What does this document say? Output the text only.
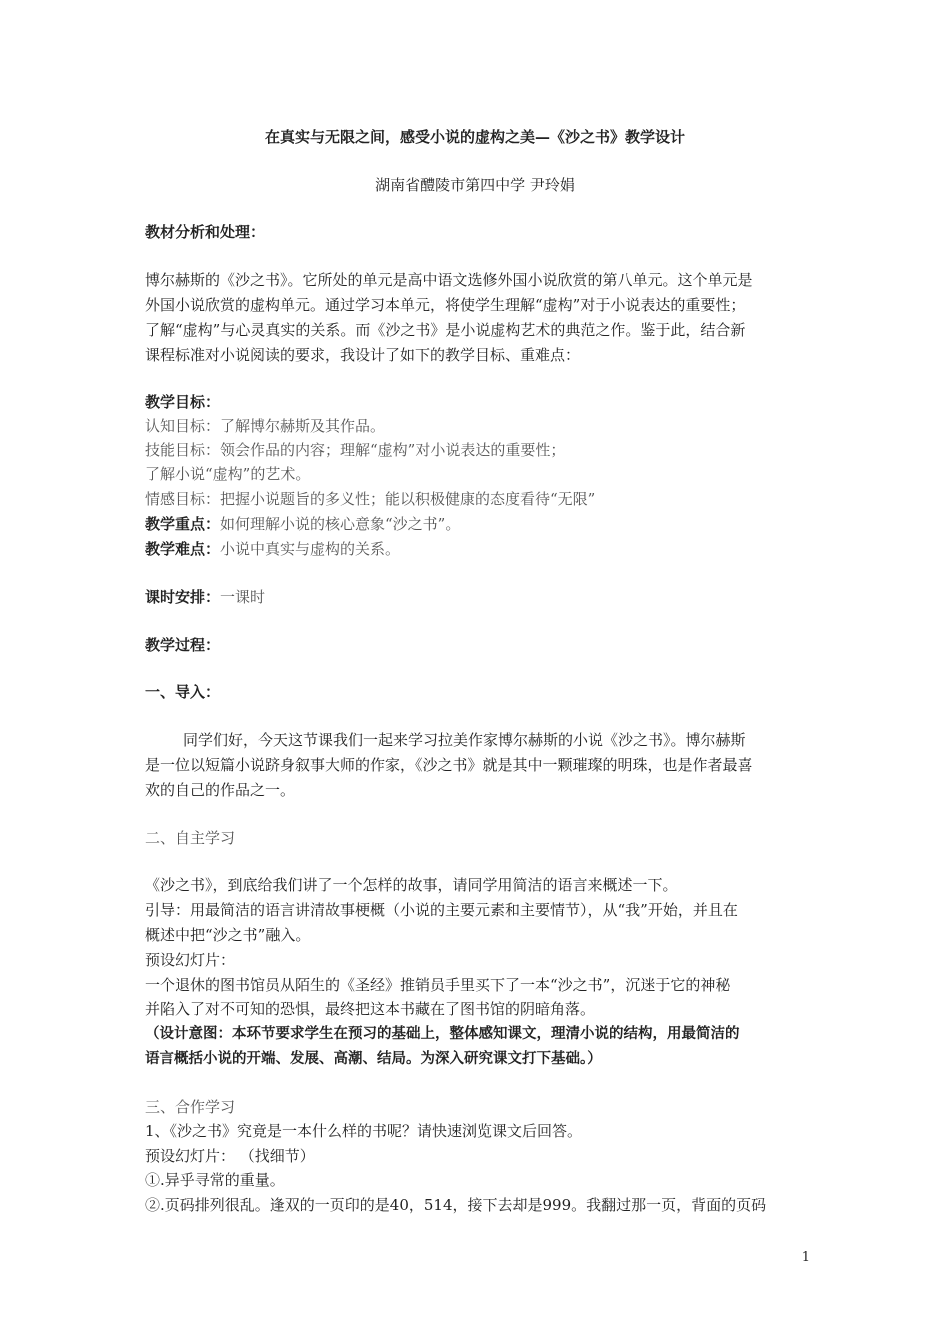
在真实与无限之间，感受小说的虚构之美—《沙之书》教学设计
湖南省醴陵市第四中学 尹玲娟
教材分析和处理：
博尔赫斯的《沙之书》。它所处的单元是高中语文选修外国小说欣赏的第八单元。这个单元是
外国小说欣赏的虚构单元。通过学习本单元，将使学生理解“虚构”对于小说表达的重要性；
了解“虚构”与心灵真实的关系。而《沙之书》是小说虚构艺术的典范之作。鉴于此，结合新
课程标准对小说阅读的要求，我设计了如下的教学目标、重难点：
教学目标：
认知目标：了解博尔赫斯及其作品。
技能目标：领会作品的内容；理解“虚构”对小说表达的重要性；
了解小说“虚构”的艺术。
情感目标：把握小说题旨的多义性；能以积极健康的态度看待“无限”
教学重点：如何理解小说的核心意象“沙之书”。
教学难点：小说中真实与虚构的关系。
课时安排：一课时
教学过程：
一、导入：
同学们好，今天这节课我们一起来学习拉美作家博尔赫斯的小说《沙之书》。博尔赫斯
是一位以短篇小说跻身叙事大师的作家，《沙之书》就是其中一颗璀璨的明珠，也是作者最喜
欢的自己的作品之一。
二、自主学习
《沙之书》，到底给我们讲了一个怎样的故事，请同学用简洁的语言来概述一下。
引导：用最简洁的语言讲清故事梗概（小说的主要元素和主要情节），从“我”开始，并且在
概述中把“沙之书”融入。
预设幻灯片：
一个退休的图书馆员从陌生的《圣经》推销员手里买下了一本“沙之书”，沉迷于它的神秘
并陷入了对不可知的恐惧，最终把这本书藏在了图书馆的阴暗角落。
（设计意图：本环节要求学生在预习的基础上，整体感知课文，理清小说的结构，用最简洁的
语言概括小说的开端、发展、高潮、结局。为深入研究课文打下基础。）
三、合作学习
1、《沙之书》究竟是一本什么样的书呢？请快速浏览课文后回答。
预设幻灯片： （找细节）
①.异乎寻常的重量。
②.页码排列很乱。逢双的一页印的是40，514，接下去却是999。我翻过那一页，背面的页码
1
